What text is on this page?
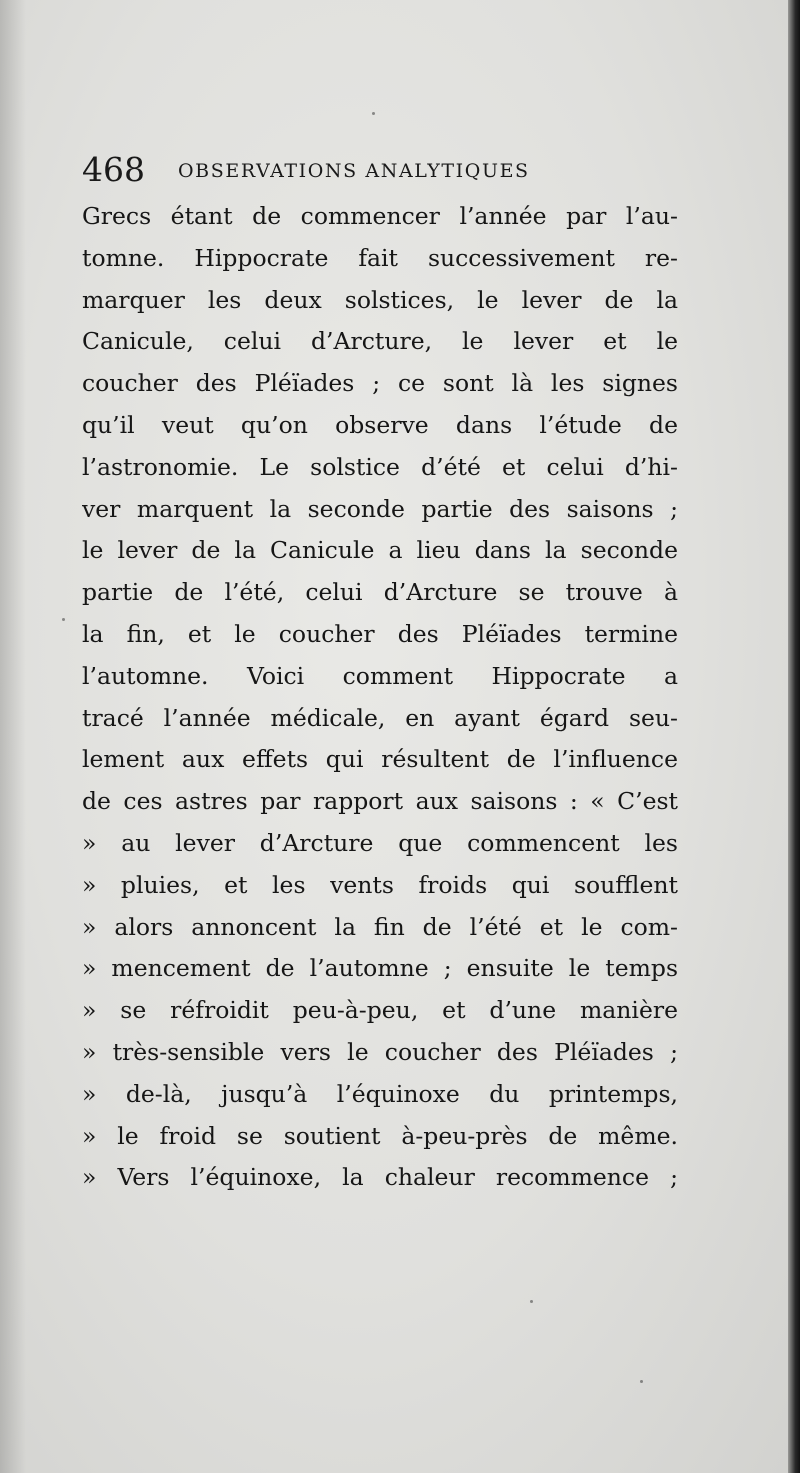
468 OBSERVATIONS ANALYTIQUES
Grecs étant de commencer l’année par l’au-
tomne. Hippocrate fait successivement re-
marquer les deux solstices, le lever de la
Canicule, celui d’Arcture, le lever et le
coucher des Pléïades ; ce sont là les signes
qu’il veut qu’on observe dans l’étude de
l’astronomie. Le solstice d’été et celui d’hi-
ver marquent la seconde partie des saisons ;
le lever de la Canicule a lieu dans la seconde
partie de l’été, celui d’Arcture se trouve à
la fin, et le coucher des Pléïades termine
l’automne. Voici comment Hippocrate a
tracé l’année médicale, en ayant égard seu-
lement aux effets qui résultent de l’influence
de ces astres par rapport aux saisons : « C’est
» au lever d’Arcture que commencent les
» pluies, et les vents froids qui soufflent
» alors annoncent la fin de l’été et le com-
» mencement de l’automne ; ensuite le temps
» se réfroidit peu-à-peu, et d’une manière
» très-sensible vers le coucher des Pléïades ;
» de-là, jusqu’à l’équinoxe du printemps,
» le froid se soutient à-peu-près de même.
» Vers l’équinoxe, la chaleur recommence ;
